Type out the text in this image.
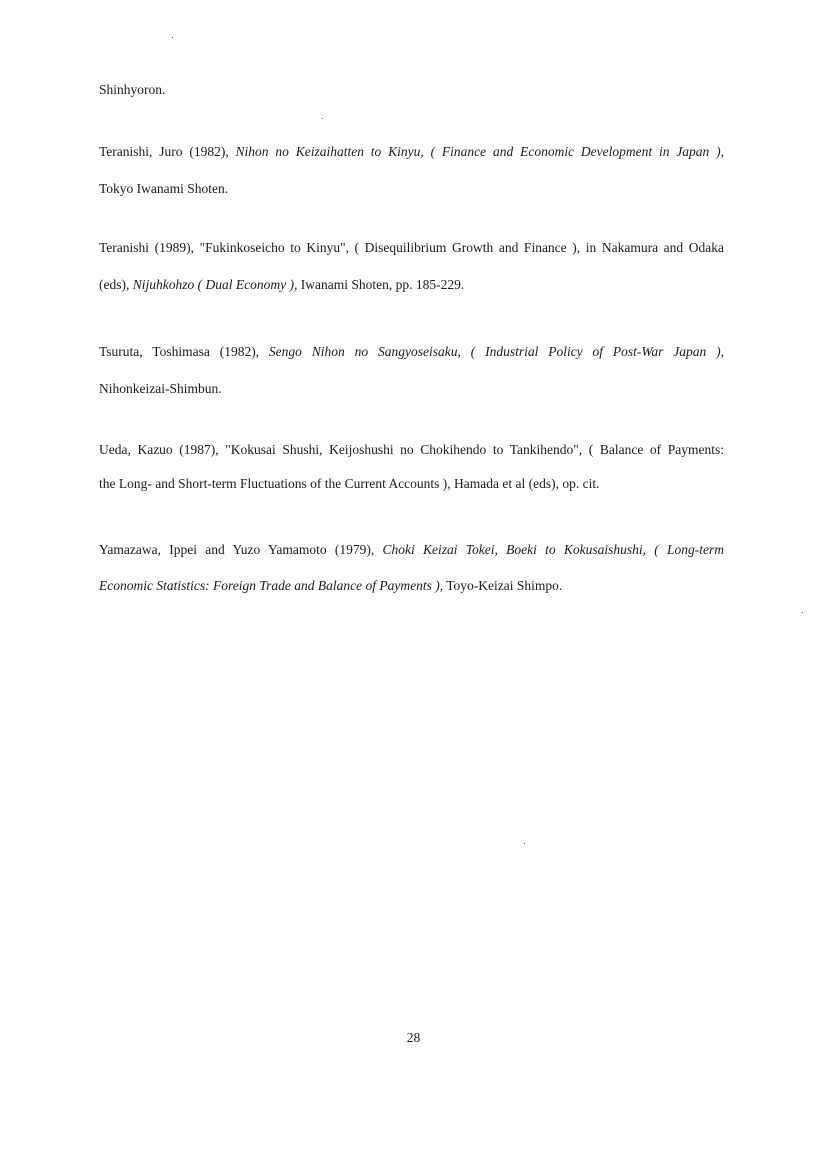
Shinhyoron.
Teranishi, Juro (1982), Nihon no Keizaihatten to Kinyu, ( Finance and Economic Development in Japan ),
Tokyo Iwanami Shoten.
Teranishi (1989), "Fukinkoseicho to Kinyu", ( Disequilibrium Growth and Finance ), in Nakamura and Odaka
(eds), Nijuhkohzo ( Dual Economy ), Iwanami Shoten, pp. 185-229.
Tsuruta, Toshimasa (1982), Sengo Nihon no Sangyoseisaku, ( Industrial Policy of Post-War Japan ),
Nihonkeizai-Shimbun.
Ueda, Kazuo (1987), "Kokusai Shushi, Keijoshushi no Chokihendo to Tankihendo", ( Balance of Payments:
the Long- and Short-term Fluctuations of the Current Accounts ), Hamada et al (eds), op. cit.
Yamazawa, Ippei and Yuzo Yamamoto (1979), Choki Keizai Tokei, Boeki to Kokusaishushi, ( Long-term
Economic Statistics: Foreign Trade and Balance of Payments ), Toyo-Keizai Shimpo.
28
